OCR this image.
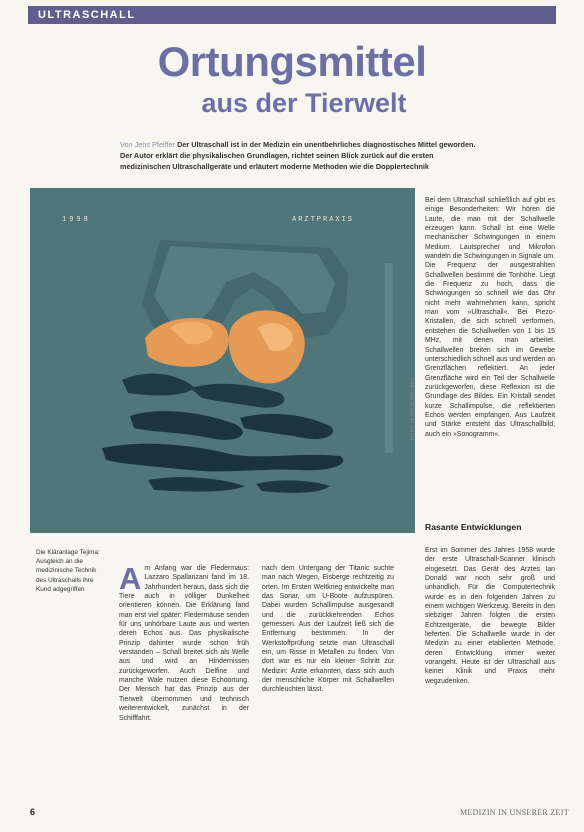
ULTRASCHALL
Ortungsmittel
aus der Tierwelt

Von Jens Pfeiffer Der Ultraschall ist in der Medizin ein unentbehrliches diagnostisches Mittel geworden. Der Autor erklärt die physikalischen Grundlagen, richtet seinen Blick zurück auf die ersten medizinischen Ultraschallgeräte und erläutert moderne Methoden wie die Dopplertechnik

1998	ARZTPRAXIS
FOTO: ULTRASCHALLBILD

Die Kläranlage Tejima: Ausgleich an die medizinische Technik des Ultraschalls ihre Kund adgegriffen

Bei dem Ultraschall schließlich auf gibt es einige Besonderheiten: Wir hören die Laute, die man mit der Schallwelle erzeugen kann. Schall ist eine Welle mechanischer Schwingungen in einem Medium. Lautsprecher und Mikrofon wandeln die Schwingungen in Signale um. Die Frequenz der ausgestrahlten Schallwellen bestimmt die Tonhöhe. Liegt die Frequenz zu hoch, dass die Schwingungen so schnell wie das Ohr nicht mehr wahrnehmen kann, spricht man vom »Ultraschall«. Bei Piezo-Kristallen, die sich schnell verformen, entstehen die Schallwellen von 1 bis 15 MHz, mit denen man arbeitet. Schallwellen breiten sich im Gewebe unterschiedlich schnell aus und werden an Grenzflächen reflektiert. An jeder Grenzfläche wird ein Teil der Schallwelle zurückgeworfen, diese Reflexion ist die Grundlage des Bildes. Ein Kristall sendet kurze Schallimpulse, die reflektierten Echos werden empfangen. Aus Laufzeit und Stärke entsteht das Ultraschallbild, auch ein »Sonogramm«.

Rasante Entwicklungen

Erst im Sommer des Jahres 1958 wurde der erste Ultraschall-Scanner klinisch eingesetzt. Das Gerät des Arztes Ian Donald war noch sehr groß und unhandlich. Für die Computertechnik wurde es in den folgenden Jahren zu einem wichtigen Werkzeug. Bereits in den siebziger Jahren folgten die ersten Echtzeitgeräte, die bewegte Bilder lieferten. Die Schallwelle wurde in der Medizin zu einer etablierten Methode, deren Entwicklung immer weiter vorangeht. Heute ist der Ultraschall aus keiner Klinik und Praxis mehr wegzudenken.

A m Anfang war die Fledermaus: Lazzaro Spallanzani fand im 18. Jahrhundert heraus, dass sich die Tiere auch in völliger Dunkelheit orientieren können. Die Erklärung fand man erst viel später: Fledermäuse senden für uns unhörbare Laute aus und werten deren Echos aus. Das physikalische Prinzip dahinter wurde schon früh verstanden – Schall breitet sich als Welle aus und wird an Hindernissen zurückgeworfen. Auch Delfine und manche Wale nutzen diese Echoortung. Der Mensch hat das Prinzip aus der Tierwelt übernommen und technisch weiterentwickelt, zunächst in der Schifffahrt.

nach dem Untergang der Titanic suchte man nach Wegen, Eisberge rechtzeitig zu orten. Im Ersten Weltkrieg entwickelte man das Sonar, um U-Boote aufzuspüren. Dabei wurden Schallimpulse ausgesandt und die zurückkehrenden Echos gemessen. Aus der Laufzeit ließ sich die Entfernung bestimmen. In der Werkstoffprüfung setzte man Ultraschall ein, um Risse in Metallen zu finden. Von dort war es nur ein kleiner Schritt zur Medizin: Ärzte erkannten, dass sich auch der menschliche Körper mit Schallwellen durchleuchten lässt.

6	MEDIZIN IN UNSERER ZEIT
